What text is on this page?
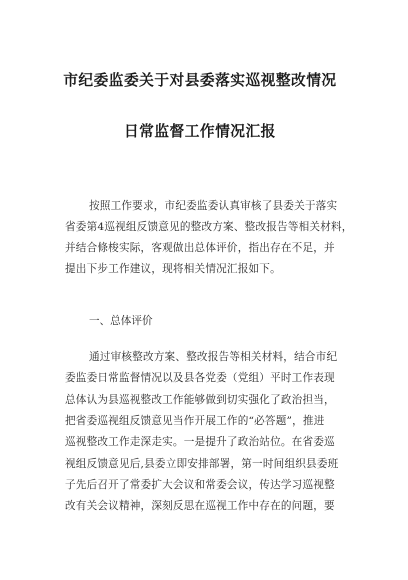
市纪委监委关于对县委落实巡视整改情况
日常监督工作情况汇报
按照工作要求，市纪委监委认真审核了县委关于落实
省委第4巡视组反馈意见的整改方案、整改报告等相关材料，
并结合條梭实际，客观做出总体评价，指出存在不足，并
提出下步工作建议，现将相关情况汇报如下。
一、总体评价
通过审核整改方案、整改报告等相关材料，结合市纪
委监委日常监督情况以及县各党委（党组）平时工作表现
总体认为县巡视整改工作能够做到切实强化了政治担当，
把省委巡视组反馈意见当作开展工作的“必答题”，推进
巡视整改工作走深走实。一是提升了政治站位。在省委巡
视组反馈意见后,县委立即安排部署，第一时间组织县委班
子先后召开了常委扩大会议和常委会议，传达学习巡视整
改有关会议精神，深刻反思在巡视工作中存在的问题，要
